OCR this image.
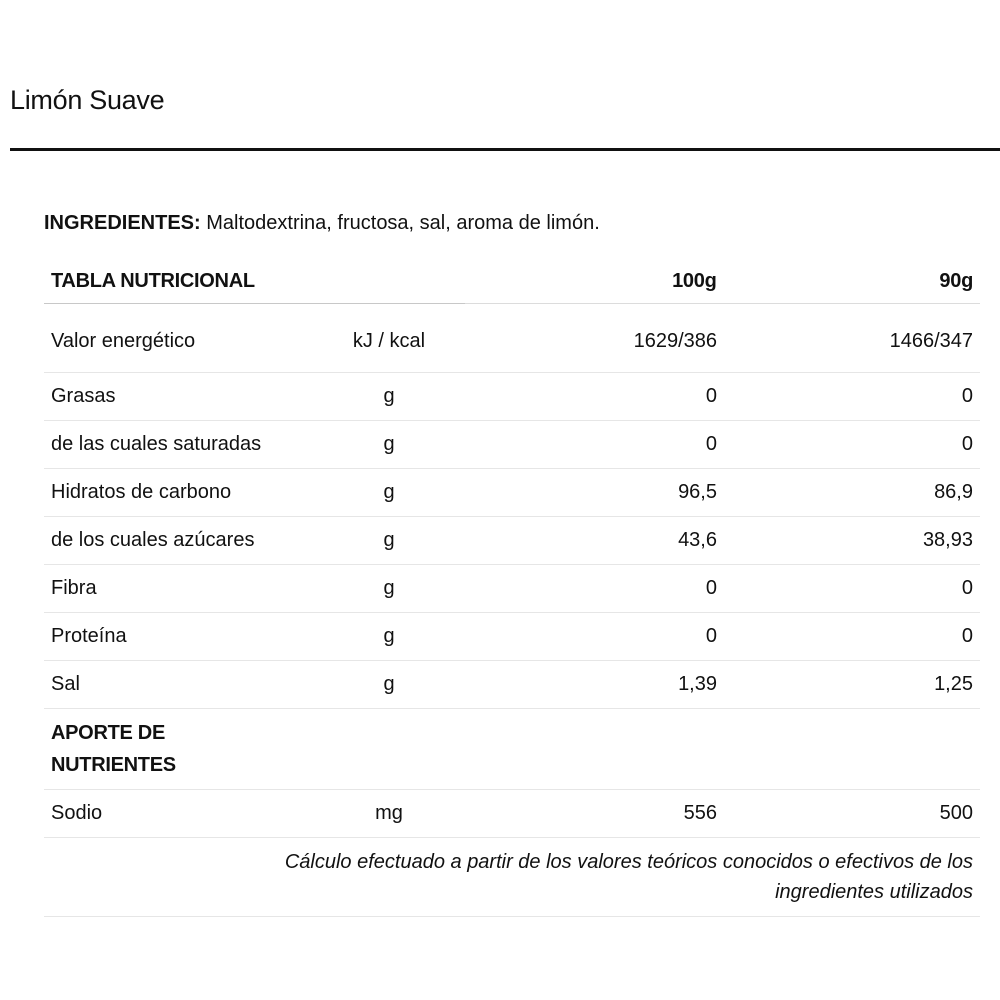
Limón Suave

INGREDIENTES: Maltodextrina, fructosa, sal, aroma de limón.

TABLA NUTRICIONAL		100g	90g
Valor energético	kJ / kcal	1629/386	1466/347
Grasas	g	0	0
de las cuales saturadas	g	0	0
Hidratos de carbono	g	96,5	86,9
de los cuales azúcares	g	43,6	38,93
Fibra	g	0	0
Proteína	g	0	0
Sal	g	1,39	1,25
APORTE DE
NUTRIENTES			
Sodio	mg	556	500
Cálculo efectuado a partir de los valores teóricos conocidos o efectivos de los
ingredientes utilizados			
